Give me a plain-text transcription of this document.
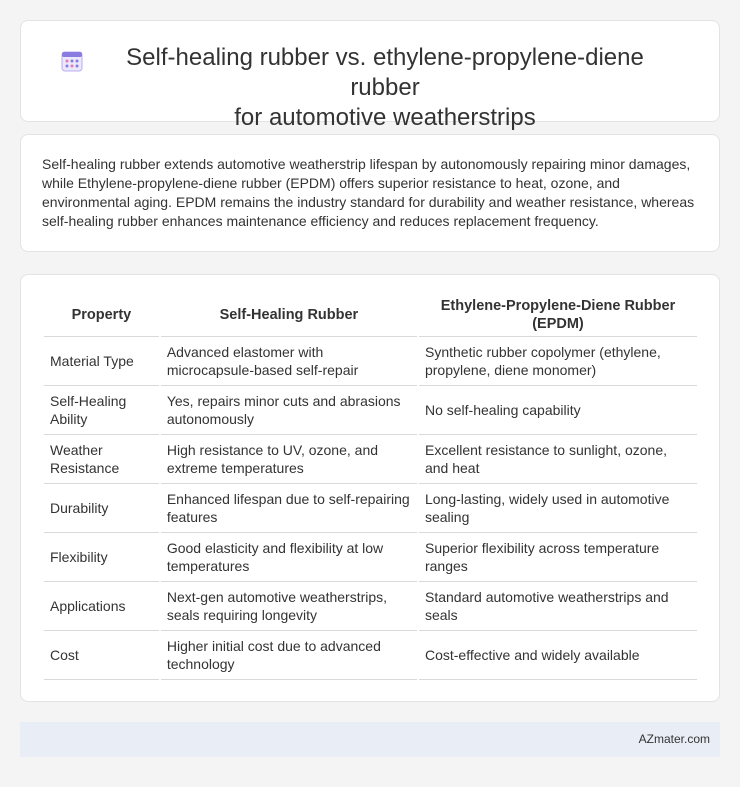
Self-healing rubber vs. ethylene-propylene-diene rubber
for automotive weatherstrips

Self-healing rubber extends automotive weatherstrip lifespan by autonomously repairing minor damages, while Ethylene-propylene-diene rubber (EPDM) offers superior resistance to heat, ozone, and environmental aging. EPDM remains the industry standard for durability and weather resistance, whereas self-healing rubber enhances maintenance efficiency and reduces replacement frequency.

Property	Self-Healing Rubber	Ethylene-Propylene-Diene Rubber (EPDM)
Material Type	Advanced elastomer with microcapsule-based self-repair	Synthetic rubber copolymer (ethylene, propylene, diene monomer)
Self-Healing Ability	Yes, repairs minor cuts and abrasions autonomously	No self-healing capability
Weather Resistance	High resistance to UV, ozone, and extreme temperatures	Excellent resistance to sunlight, ozone, and heat
Durability	Enhanced lifespan due to self-repairing features	Long-lasting, widely used in automotive sealing
Flexibility	Good elasticity and flexibility at low temperatures	Superior flexibility across temperature ranges
Applications	Next-gen automotive weatherstrips, seals requiring longevity	Standard automotive weatherstrips and seals
Cost	Higher initial cost due to advanced technology	Cost-effective and widely available
AZmater.com
